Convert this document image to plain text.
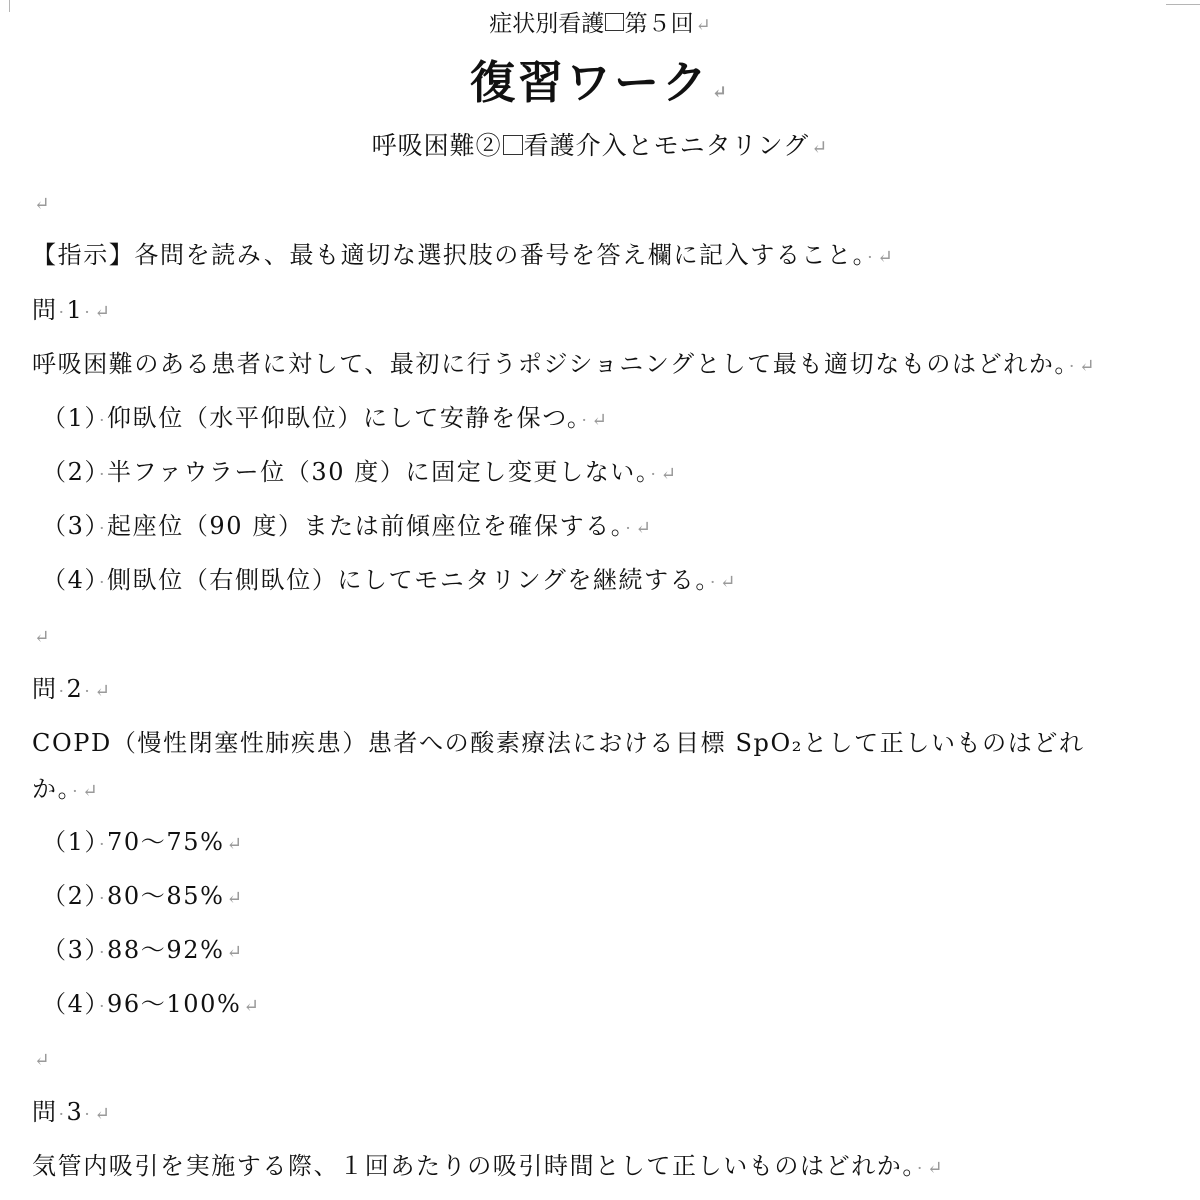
症状別看護 第５回 ↵
復習ワーク ↵
呼吸困難② 看護介入とモニタリング ↵
↵
【指示】各問を読み、最も適切な選択肢の番号を答え欄に記入すること。· ↵
問·1· ↵
呼吸困難のある患者に対して、最初に行うポジショニングとして最も適切なものはどれか。· ↵
（1）·仰臥位（水平仰臥位）にして安静を保つ。· ↵
（2）·半ファウラー位（30 度）に固定し変更しない。· ↵
（3）·起座位（90 度）または前傾座位を確保する。· ↵
（4）·側臥位（右側臥位）にしてモニタリングを継続する。· ↵
↵
問·2· ↵
COPD（慢性閉塞性肺疾患）患者への酸素療法における目標 SpO₂として正しいものはどれ
か。· ↵
（1）·70～75% ↵
（2）·80～85% ↵
（3）·88～92% ↵
（4）·96～100% ↵
↵
問·3· ↵
気管内吸引を実施する際、１回あたりの吸引時間として正しいものはどれか。· ↵
